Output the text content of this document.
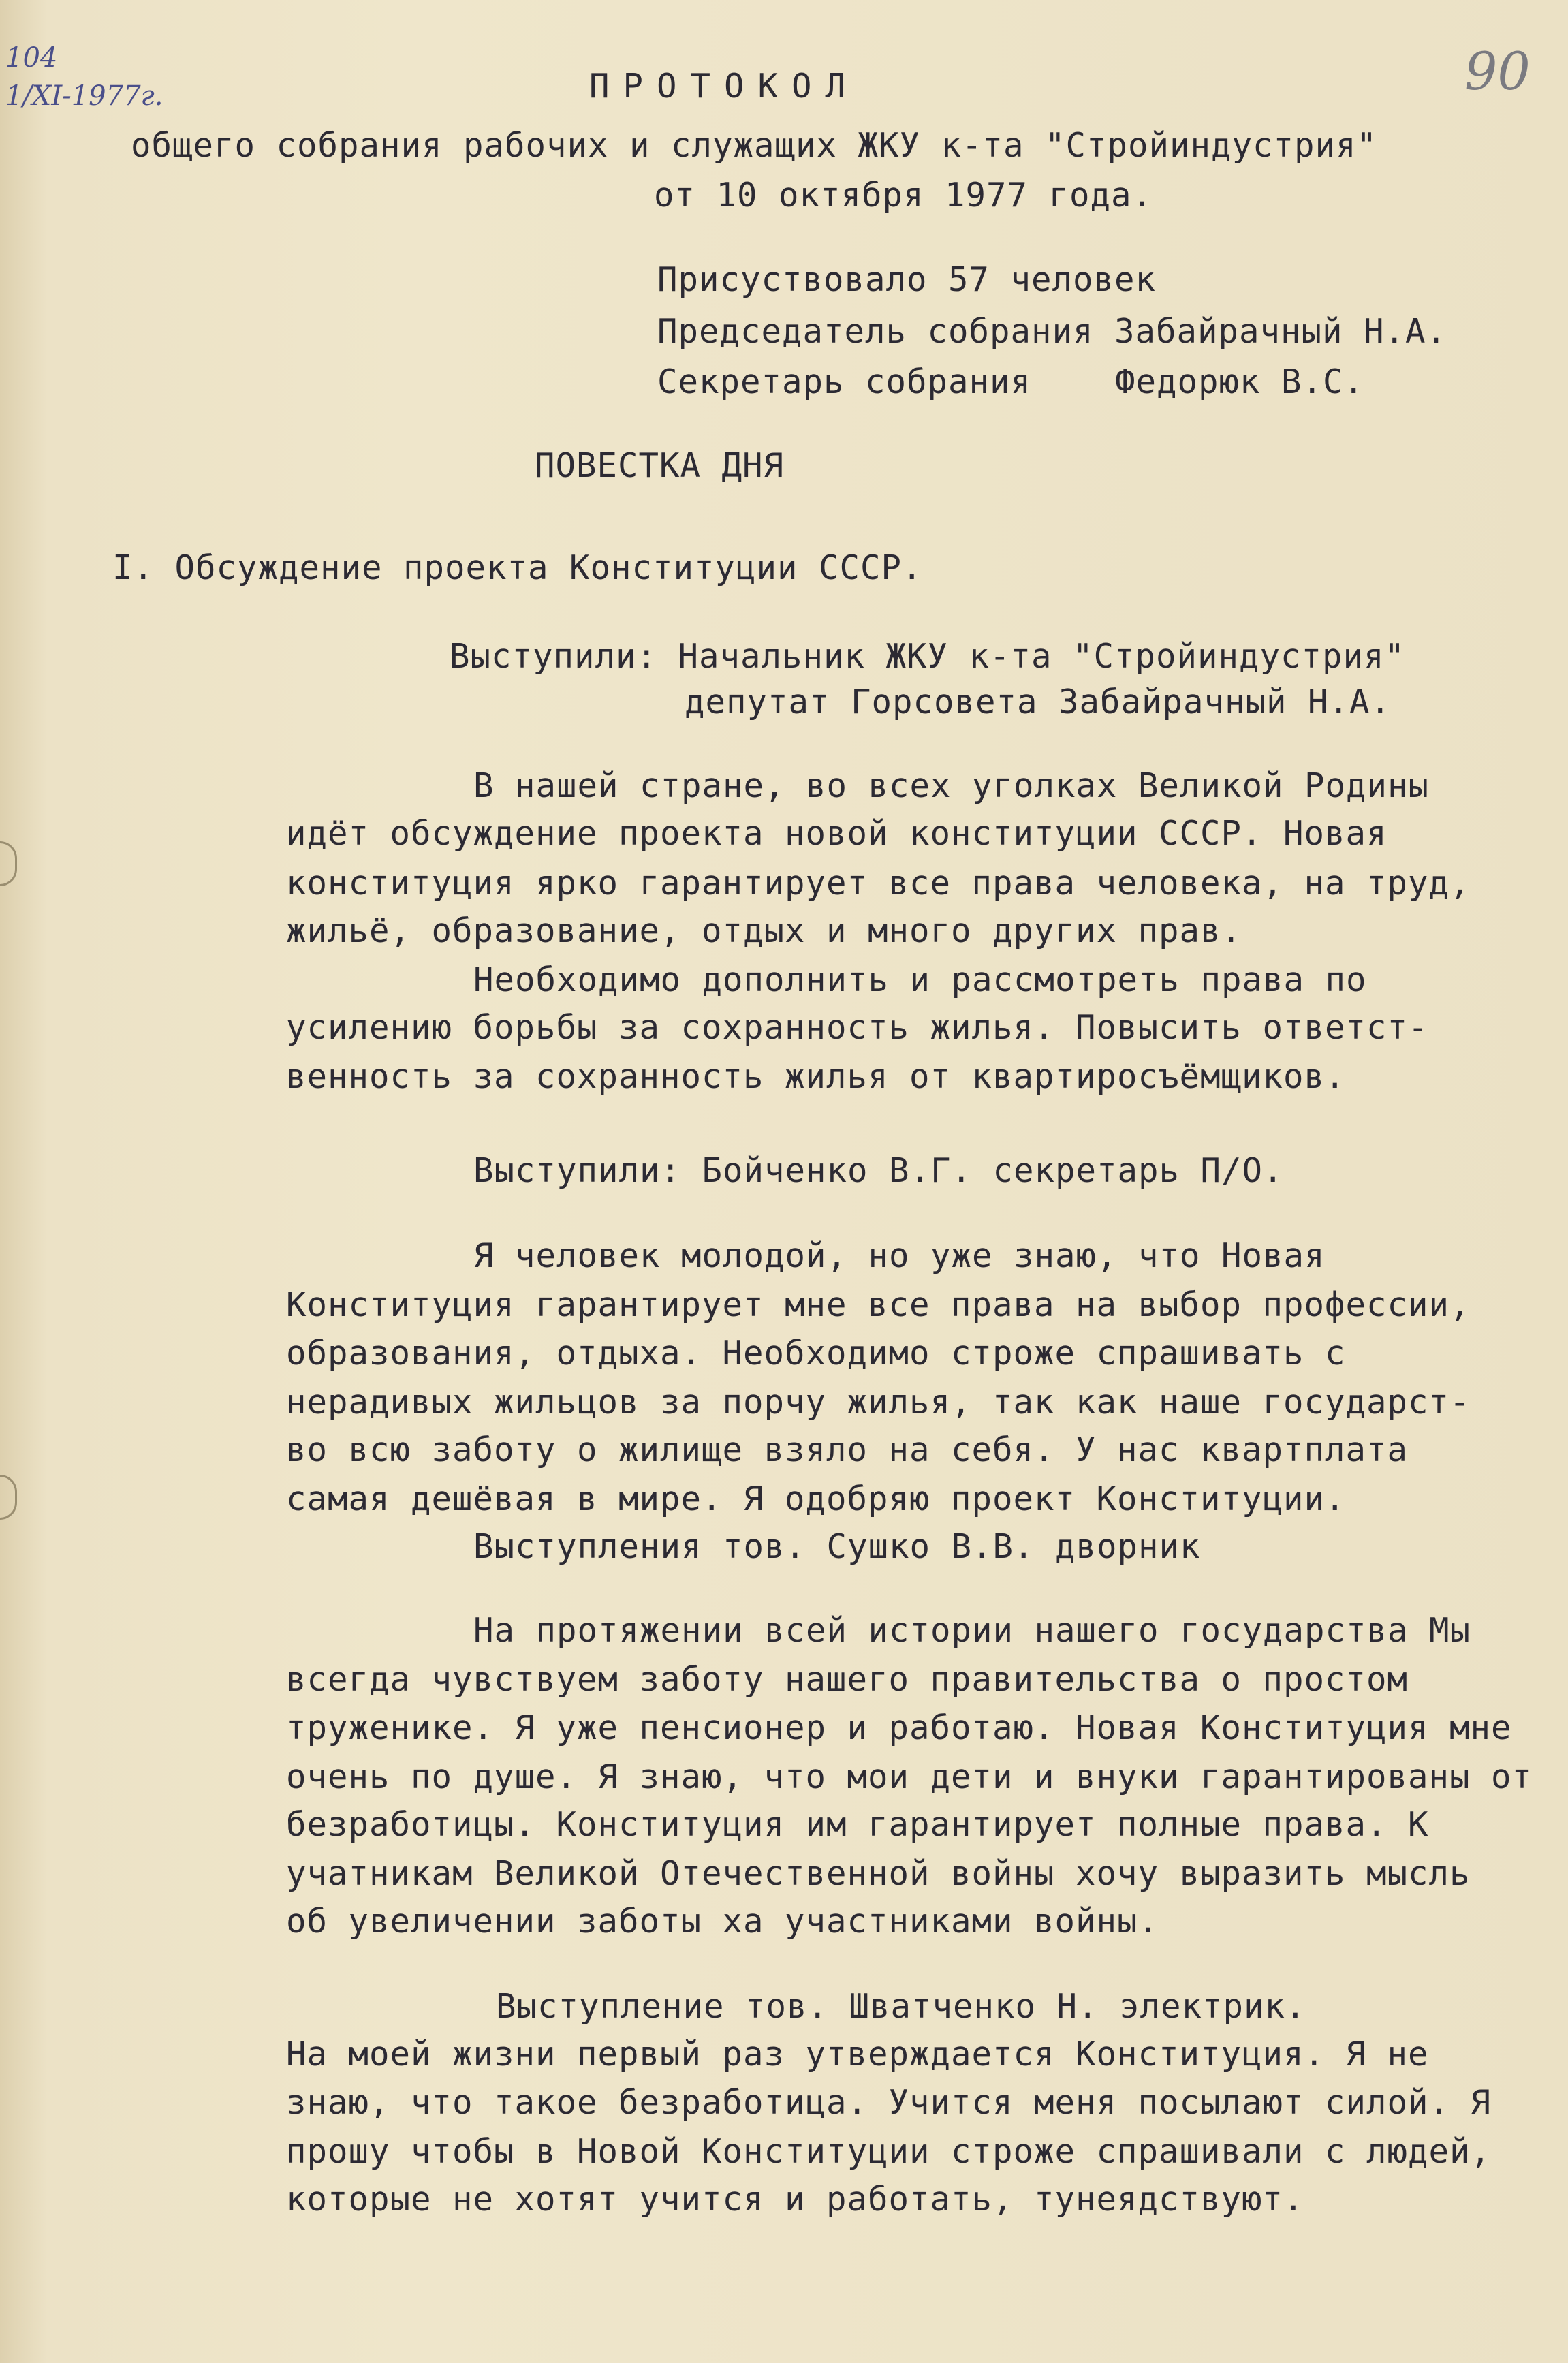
104
1/XI-1977г.	90
ПРОТОКОЛ
общего собрания рабочих и служащих ЖКУ к-та "Стройиндустрия"
от 10 октября 1977 года.
Присуствовало 57 человек
Председатель собрания Забайрачный Н.А.
Секретарь собрания	Федорюк В.С.
ПОВЕСТКА ДНЯ
I. Обсуждение проекта Конституции СССР.
Выступили: Начальник ЖКУ к-та "Стройиндустрия"
депутат Горсовета Забайрачный Н.А.
В нашей стране, во всех уголках Великой Родины
идёт обсуждение проекта новой конституции СССР. Новая
конституция ярко гарантирует все права человека, на труд,
жильё, образование, отдых и много других прав.
Необходимо дополнить и рассмотреть права по
усилению борьбы за сохранность жилья. Повысить ответст-
венность за сохранность жилья от квартиросъёмщиков.
Выступили: Бойченко В.Г. секретарь П/О.
Я человек молодой, но уже знаю, что Новая
Конституция гарантирует мне все права на выбор профессии,
образования, отдыха. Необходимо строже спрашивать с
нерадивых жильцов за порчу жилья, так как наше государст-
во всю заботу о жилище взяло на себя. У нас квартплата
самая дешёвая в мире. Я одобряю проект Конституции.
Выступления тов. Сушко В.В. дворник
На протяжении всей истории нашего государства Мы
всегда чувствуем заботу нашего правительства о простом
труженике. Я уже пенсионер и работаю. Новая Конституция мне
очень по душе. Я знаю, что мои дети и внуки гарантированы от
безработицы. Конституция им гарантирует полные права. К
учатникам Великой Отечественной войны хочу выразить мысль
об увеличении заботы ха участниками войны.
Выступление тов. Шватченко Н. электрик.
На моей жизни первый раз утверждается Конституция. Я не
знаю, что такое безработица. Учится меня посылают силой. Я
прошу чтобы в Новой Конституции строже спрашивали с людей,
которые не хотят учится и работать, тунеядствуют.
